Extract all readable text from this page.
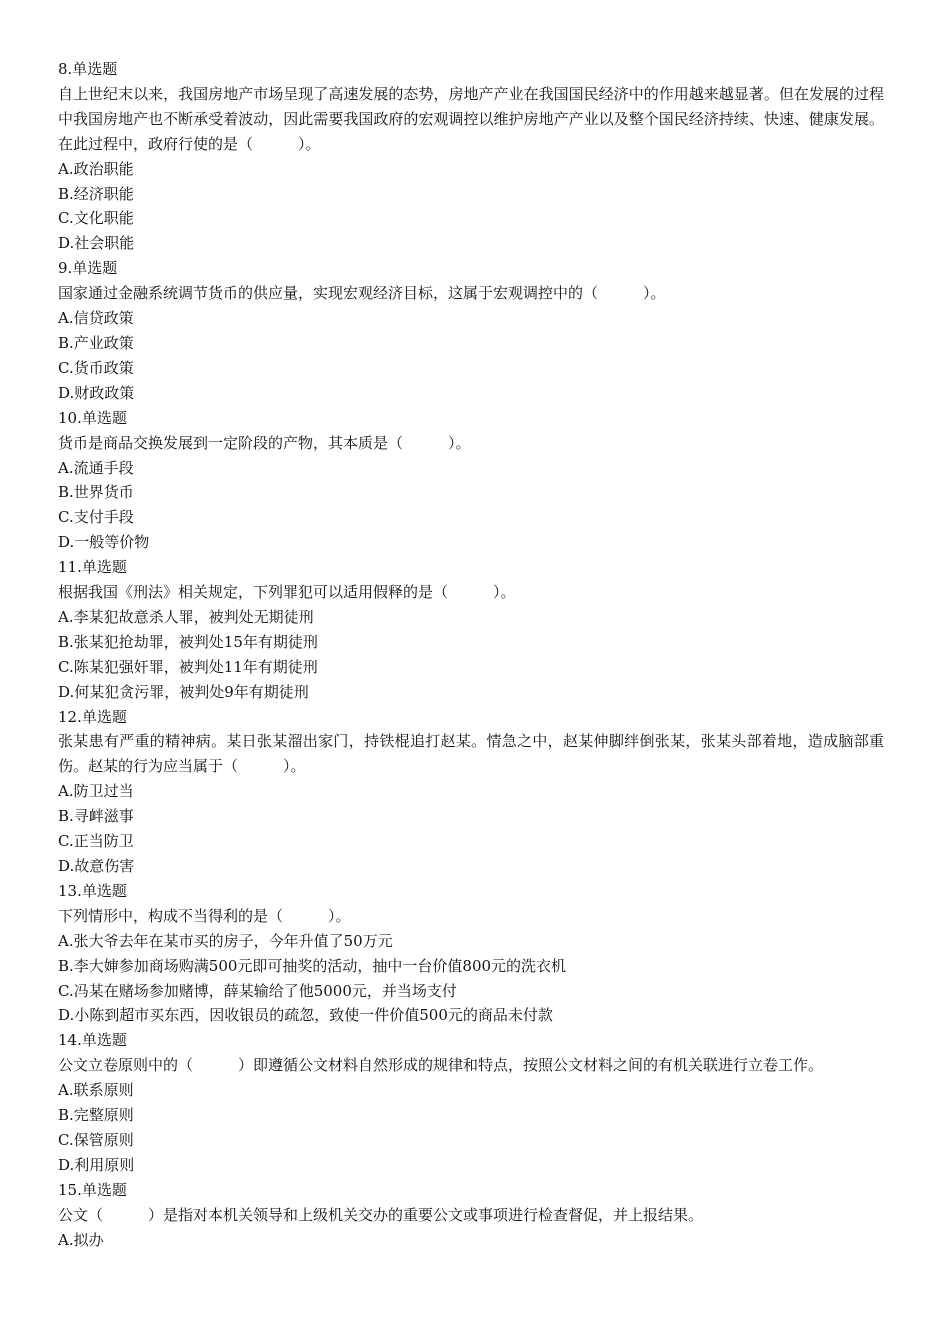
8.单选题
自上世纪末以来，我国房地产市场呈现了高速发展的态势，房地产产业在我国国民经济中的作用越来越显著。但在发展的过程中我国房地产也不断承受着波动，因此需要我国政府的宏观调控以维护房地产产业以及整个国民经济持续、快速、健康发展。在此过程中，政府行使的是（　　　）。
A.政治职能
B.经济职能
C.文化职能
D.社会职能
9.单选题
国家通过金融系统调节货币的供应量，实现宏观经济目标，这属于宏观调控中的（　　　）。
A.信贷政策
B.产业政策
C.货币政策
D.财政政策
10.单选题
货币是商品交换发展到一定阶段的产物，其本质是（　　　）。
A.流通手段
B.世界货币
C.支付手段
D.一般等价物
11.单选题
根据我国《刑法》相关规定，下列罪犯可以适用假释的是（　　　）。
A.李某犯故意杀人罪，被判处无期徒刑
B.张某犯抢劫罪，被判处15年有期徒刑
C.陈某犯强奸罪，被判处11年有期徒刑
D.何某犯贪污罪，被判处9年有期徒刑
12.单选题
张某患有严重的精神病。某日张某溜出家门，持铁棍追打赵某。情急之中，赵某伸脚绊倒张某，张某头部着地，造成脑部重伤。赵某的行为应当属于（　　　）。
A.防卫过当
B.寻衅滋事
C.正当防卫
D.故意伤害
13.单选题
下列情形中，构成不当得利的是（　　　）。
A.张大爷去年在某市买的房子，今年升值了50万元
B.李大婶参加商场购满500元即可抽奖的活动，抽中一台价值800元的洗衣机
C.冯某在赌场参加赌博，薛某输给了他5000元，并当场支付
D.小陈到超市买东西，因收银员的疏忽，致使一件价值500元的商品未付款
14.单选题
公文立卷原则中的（　　　）即遵循公文材料自然形成的规律和特点，按照公文材料之间的有机关联进行立卷工作。
A.联系原则
B.完整原则
C.保管原则
D.利用原则
15.单选题
公文（　　　）是指对本机关领导和上级机关交办的重要公文或事项进行检查督促，并上报结果。
A.拟办
